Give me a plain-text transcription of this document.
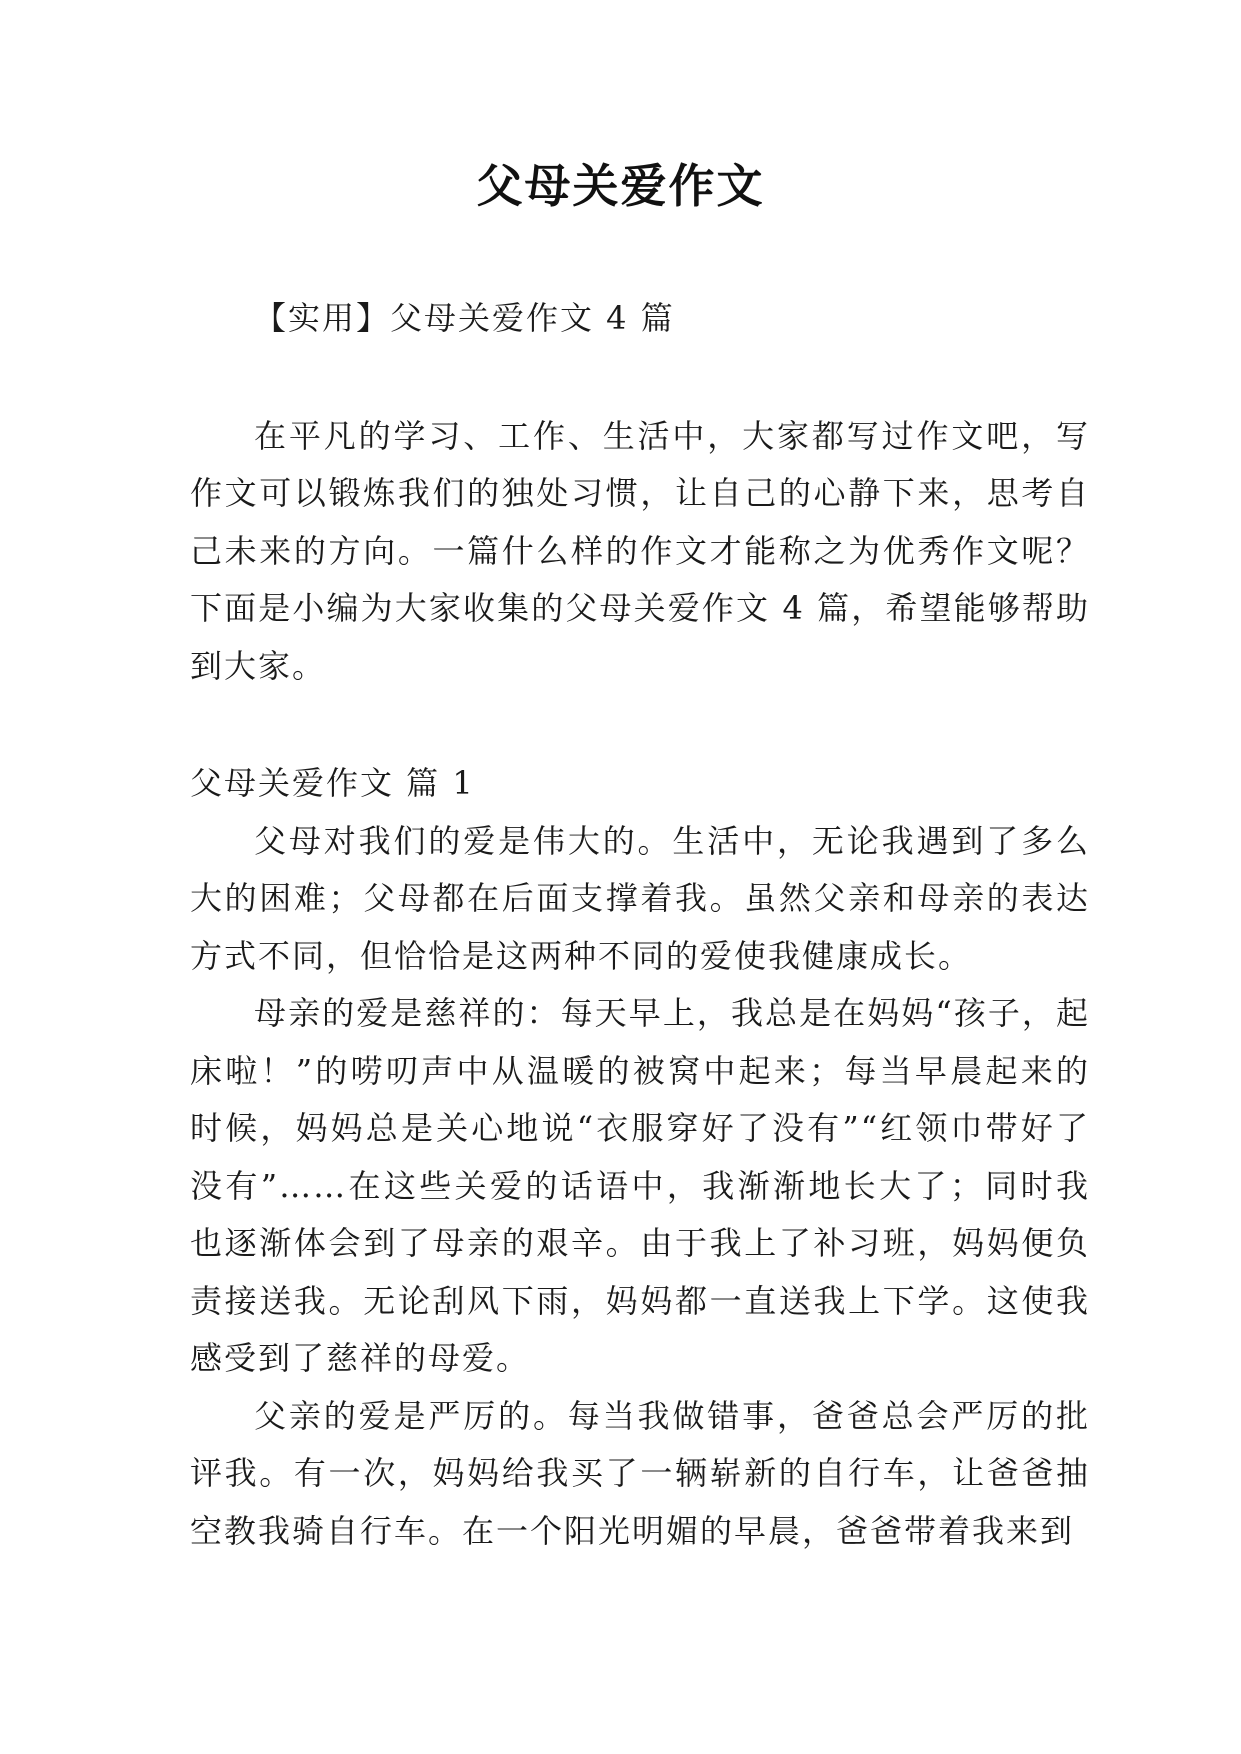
父母关爱作文

【实用】父母关爱作文 4 篇

在平凡的学习、工作、生活中，大家都写过作文吧，写作文可以锻炼我们的独处习惯，让自己的心静下来，思考自己未来的方向。一篇什么样的作文才能称之为优秀作文呢？下面是小编为大家收集的父母关爱作文 4 篇，希望能够帮助到大家。

父母关爱作文 篇 1

父母对我们的爱是伟大的。生活中，无论我遇到了多么大的困难；父母都在后面支撑着我。虽然父亲和母亲的表达方式不同，但恰恰是这两种不同的爱使我健康成长。

母亲的爱是慈祥的：每天早上，我总是在妈妈“孩子，起床啦！”的唠叨声中从温暖的被窝中起来；每当早晨起来的时候，妈妈总是关心地说“衣服穿好了没有”“红领巾带好了没有”……在这些关爱的话语中，我渐渐地长大了；同时我也逐渐体会到了母亲的艰辛。由于我上了补习班，妈妈便负责接送我。无论刮风下雨，妈妈都一直送我上下学。这使我感受到了慈祥的母爱。

父亲的爱是严厉的。每当我做错事，爸爸总会严厉的批评我。有一次，妈妈给我买了一辆崭新的自行车，让爸爸抽空教我骑自行车。在一个阳光明媚的早晨，爸爸带着我来到
